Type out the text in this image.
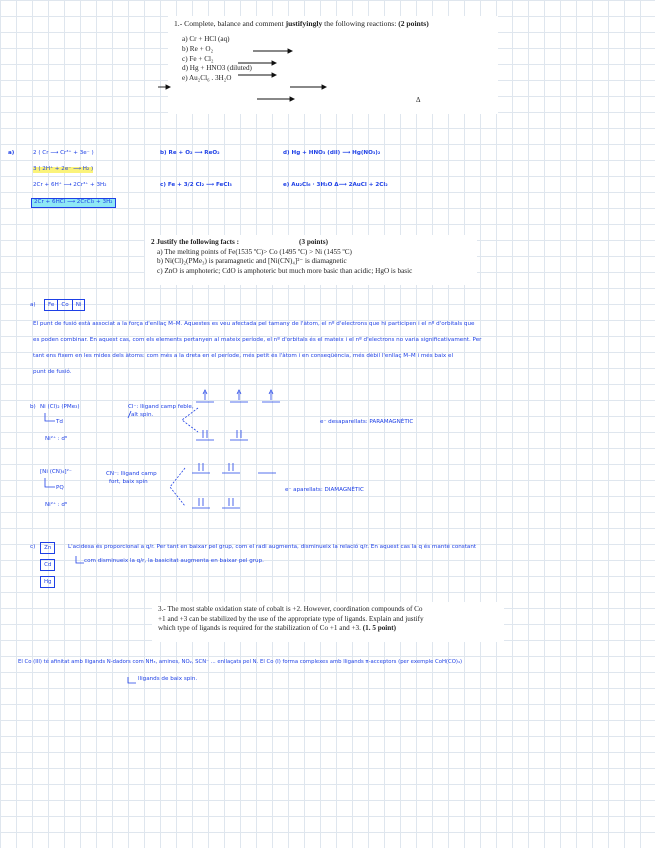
1.- Complete, balance and comment justifyingly the following reactions: (2 points)
a) Cr + HCl (aq)
b) Re + O₂
c) Fe + Cl₂
d) Hg + HNO3 (diluted)
e) Au₂Cl₆ . 3H₂O
Δ
a)	2 ( Cr ⟶ Cr³⁺ + 3e⁻ )
3 ( 2H⁺ + 2e⁻ ⟶ H₂ )
2Cr + 6H⁺ ⟶ 2Cr³⁺ + 3H₂
2Cr + 6HCl ⟶ 2CrCl₃ + 3H₂
b) Re + O₂ ⟶ ReO₂
c) Fe + 3/2 Cl₂ ⟶ FeCl₃
d) Hg + HNO₃ (dil) ⟶ Hg(NO₃)₂
e) Au₂Cl₆ · 3H₂O Δ⟶ 2AuCl + 2Cl₂
2 Justify the following facts :	(3 points)
a) The melting points of Fe(1535 ºC)> Co (1495 ºC) > Ni (1455 ºC)
b) Ni(Cl)₂(PMe₃) is paramagnetic and [Ni(CN)₄]²⁻ is diamagnetic
c) ZnO is amphoteric; CdO is amphoteric but much more basic than acidic; HgO is basic
a)	Fe	Co	Ni
El punt de fusió està associat a la força d'enllaç M–M. Aquestes es veu afectada pel tamany de l'àtom, el nº d'electrons que hi participen i el nº d'orbitals que
es poden combinar. En aquest cas, com els elements pertanyen al mateix període, el nº d'orbitals és el mateix i el nº d'electrons no varia significativament. Per
tant ens fixem en les mides dels àtoms: com més a la dreta en el període, més petit és l'àtom i en conseqüència, més dèbil l'enllaç M–M i més baix el
punt de fusió.
b) Ni (Cl)₂ (PMe₃)
Td
Ni²⁺ : d⁸
Cl⁻: lligand camp feble,
alt spin.
e⁻ desaparellats: PARAMAGNÈTIC
[Ni (CN)₄]²⁻
PQ
Ni²⁺ : d⁸
CN⁻: lligand camp
fort, baix spin
e⁻ aparellats: DIAMAGNÈTIC
c)	Zn
Cd
Hg
L'acidesa és proporcional a q/r. Per tant en baixar pel grup, com el radi augmenta, disminueix la relació q/r. En aquest cas la q és manté constant
com disminueix la q/r, la basicitat augmenta en baixar pel grup.
3.- The most stable oxidation state of cobalt is +2. However, coordination compounds of Co
+1 and +3 can be stabilized by the use of the appropriate type of ligands. Explain and justify
which type of ligands is required for the stabilization of Co +1 and +3. (1. 5 point)
El Co (III) té afinitat amb lligands N-dadors com NH₃, amines, NO₂, SCN⁻ ... enllaçats pel N. El Co (I) forma complexes amb lligands π-acceptors (per exemple CoH(CO)₄)
lligands de baix spin.
